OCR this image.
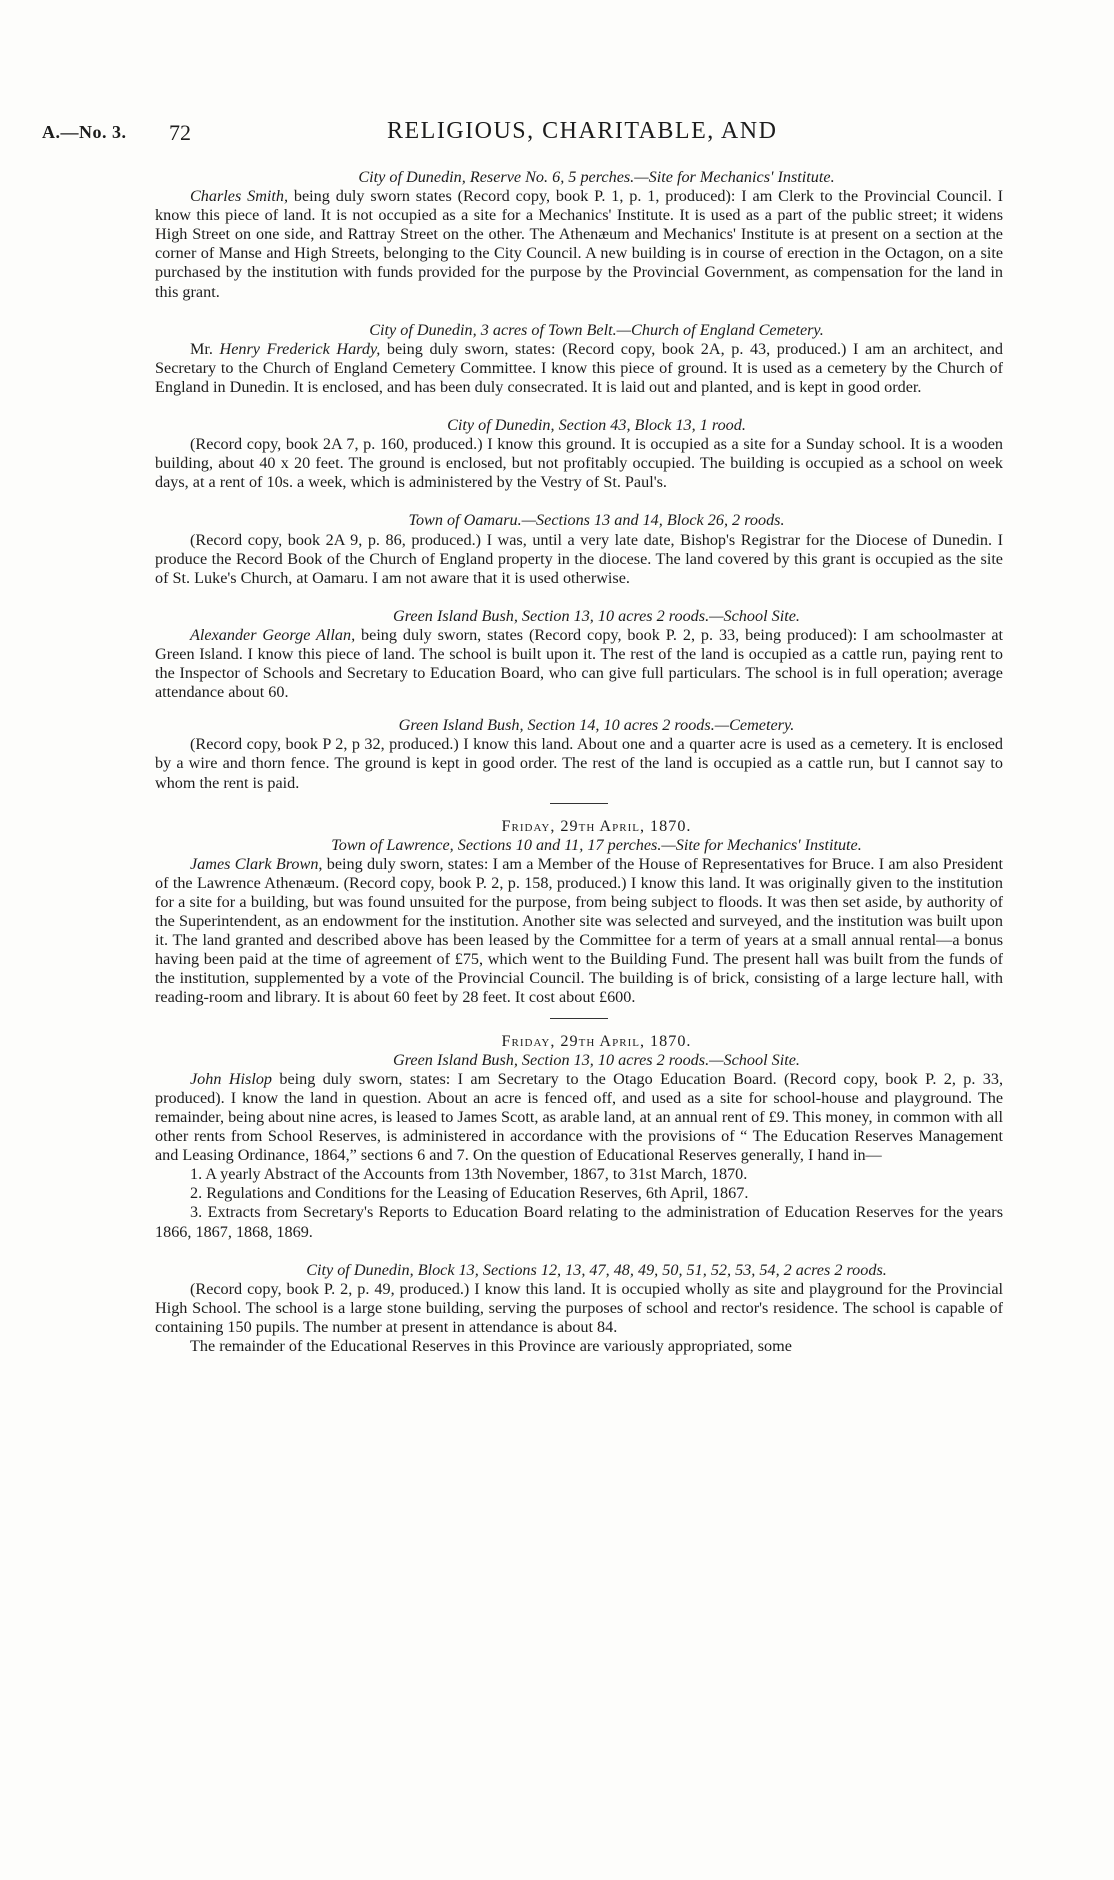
A.—No. 3. 72	RELIGIOUS, CHARITABLE, AND

City of Dunedin, Reserve No. 6, 5 perches.—Site for Mechanics' Institute.

Charles Smith, being duly sworn states (Record copy, book P. 1, p. 1, produced): I am Clerk to the Provincial Council. I know this piece of land. It is not occupied as a site for a Mechanics' Institute. It is used as a part of the public street; it widens High Street on one side, and Rattray Street on the other. The Athenæum and Mechanics' Institute is at present on a section at the corner of Manse and High Streets, belonging to the City Council. A new building is in course of erection in the Octagon, on a site purchased by the institution with funds provided for the purpose by the Provincial Government, as compensation for the land in this grant.

City of Dunedin, 3 acres of Town Belt.—Church of England Cemetery.

Mr. Henry Frederick Hardy, being duly sworn, states: (Record copy, book 2A, p. 43, produced.) I am an architect, and Secretary to the Church of England Cemetery Committee. I know this piece of ground. It is used as a cemetery by the Church of England in Dunedin. It is enclosed, and has been duly consecrated. It is laid out and planted, and is kept in good order.

City of Dunedin, Section 43, Block 13, 1 rood.

(Record copy, book 2A 7, p. 160, produced.) I know this ground. It is occupied as a site for a Sunday school. It is a wooden building, about 40 x 20 feet. The ground is enclosed, but not profitably occupied. The building is occupied as a school on week days, at a rent of 10s. a week, which is administered by the Vestry of St. Paul's.

Town of Oamaru.—Sections 13 and 14, Block 26, 2 roods.

(Record copy, book 2A 9, p. 86, produced.) I was, until a very late date, Bishop's Registrar for the Diocese of Dunedin. I produce the Record Book of the Church of England property in the diocese. The land covered by this grant is occupied as the site of St. Luke's Church, at Oamaru. I am not aware that it is used otherwise.

Green Island Bush, Section 13, 10 acres 2 roods.—School Site.

Alexander George Allan, being duly sworn, states (Record copy, book P. 2, p. 33, being produced): I am schoolmaster at Green Island. I know this piece of land. The school is built upon it. The rest of the land is occupied as a cattle run, paying rent to the Inspector of Schools and Secretary to Education Board, who can give full particulars. The school is in full operation; average attendance about 60.

Green Island Bush, Section 14, 10 acres 2 roods.—Cemetery.

(Record copy, book P 2, p 32, produced.) I know this land. About one and a quarter acre is used as a cemetery. It is enclosed by a wire and thorn fence. The ground is kept in good order. The rest of the land is occupied as a cattle run, but I cannot say to whom the rent is paid.

Friday, 29th April, 1870.

Town of Lawrence, Sections 10 and 11, 17 perches.—Site for Mechanics' Institute.

James Clark Brown, being duly sworn, states: I am a Member of the House of Representatives for Bruce. I am also President of the Lawrence Athenæum. (Record copy, book P. 2, p. 158, produced.) I know this land. It was originally given to the institution for a site for a building, but was found unsuited for the purpose, from being subject to floods. It was then set aside, by authority of the Superintendent, as an endowment for the institution. Another site was selected and surveyed, and the institution was built upon it. The land granted and described above has been leased by the Committee for a term of years at a small annual rental—a bonus having been paid at the time of agreement of £75, which went to the Building Fund. The present hall was built from the funds of the institution, supplemented by a vote of the Provincial Council. The building is of brick, consisting of a large lecture hall, with reading-room and library. It is about 60 feet by 28 feet. It cost about £600.

Friday, 29th April, 1870.

Green Island Bush, Section 13, 10 acres 2 roods.—School Site.

John Hislop being duly sworn, states: I am Secretary to the Otago Education Board. (Record copy, book P. 2, p. 33, produced). I know the land in question. About an acre is fenced off, and used as a site for school-house and playground. The remainder, being about nine acres, is leased to James Scott, as arable land, at an annual rent of £9. This money, in common with all other rents from School Reserves, is administered in accordance with the provisions of “ The Education Reserves Management and Leasing Ordinance, 1864,” sections 6 and 7. On the question of Educational Reserves generally, I hand in—

1. A yearly Abstract of the Accounts from 13th November, 1867, to 31st March, 1870.

2. Regulations and Conditions for the Leasing of Education Reserves, 6th April, 1867.

3. Extracts from Secretary's Reports to Education Board relating to the administration of Education Reserves for the years 1866, 1867, 1868, 1869.

City of Dunedin, Block 13, Sections 12, 13, 47, 48, 49, 50, 51, 52, 53, 54, 2 acres 2 roods.

(Record copy, book P. 2, p. 49, produced.) I know this land. It is occupied wholly as site and playground for the Provincial High School. The school is a large stone building, serving the purposes of school and rector's residence. The school is capable of containing 150 pupils. The number at present in attendance is about 84.

The remainder of the Educational Reserves in this Province are variously appropriated, some
